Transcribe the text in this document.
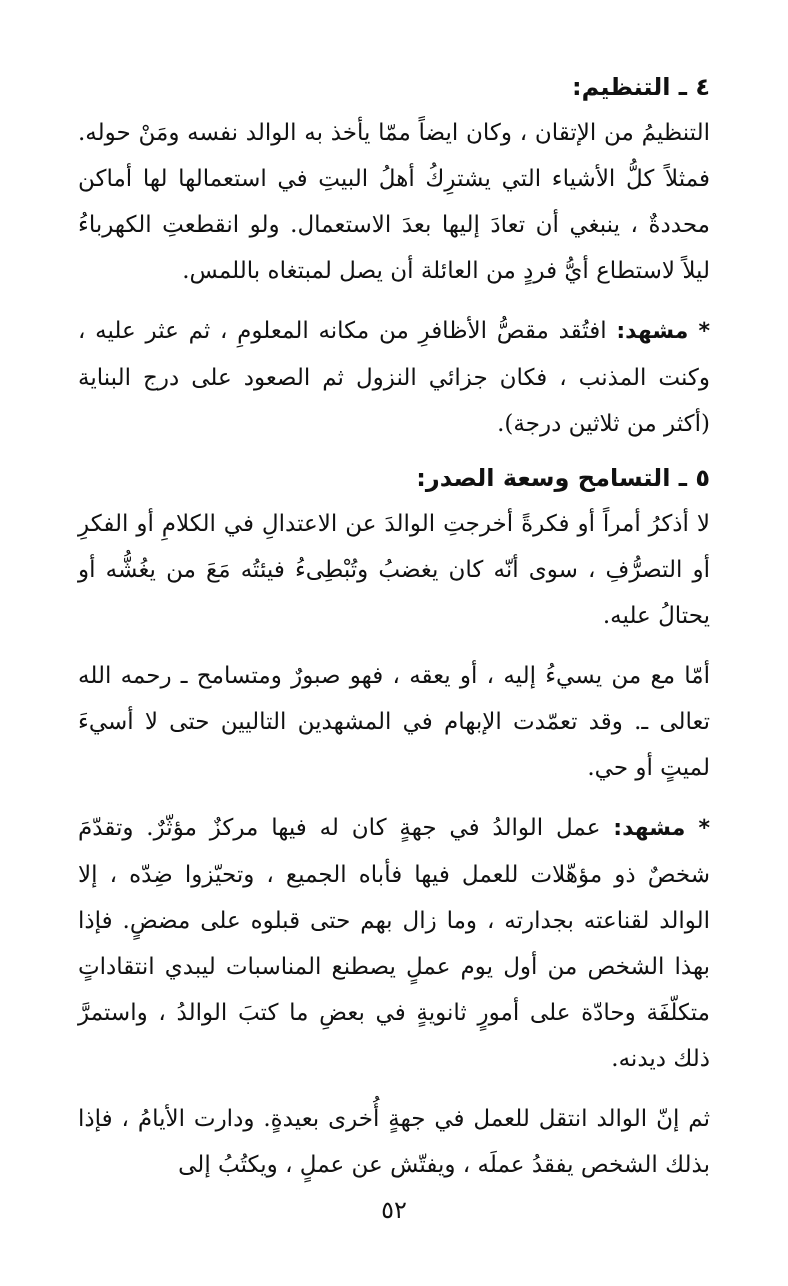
٤ ـ التنظيم:

التنظيمُ من الإتقان ، وكان ايضاً ممّا يأخذ به الوالد نفسه ومَنْ حوله. فمثلاً كلُّ الأشياء التي يشترِكُ أهلُ البيتِ في استعمالها لها أماكن محددةٌ ، ينبغي أن تعادَ إليها بعدَ الاستعمال. ولو انقطعتِ الكهرباءُ ليلاً لاستطاع أيُّ فردٍ من العائلة أن يصل لمبتغاه باللمس.

* مشهد: افتُقد مقصُّ الأظافرِ من مكانه المعلومِ ، ثم عثر عليه ، وكنت المذنب ، فكان جزائي النزول ثم الصعود على درج البناية (أكثر من ثلاثين درجة).

٥ ـ التسامح وسعة الصدر:

لا أذكرُ أمراً أو فكرةً أخرجتِ الوالدَ عن الاعتدالِ في الكلامِ أو الفكرِ أو التصرُّفِ ، سوى أنّه كان يغضبُ وتُبْطِىءُ فيئتُه مَعَ من يغُشُّه أو يحتالُ عليه.

أمّا مع من يسيءُ إليه ، أو يعقه ، فهو صبورٌ ومتسامح ـ رحمه الله تعالى ـ. وقد تعمّدت الإبهام في المشهدين التاليين حتى لا أسيءَ لميتٍ أو حي.

* مشهد: عمل الوالدُ في جهةٍ كان له فيها مركزٌ مؤثّرٌ. وتقدّمَ شخصٌ ذو مؤهّلات للعمل فيها فأباه الجميع ، وتحيّزوا ضِدّه ، إلا الوالد لقناعته بجدارته ، وما زال بهم حتى قبلوه على مضضٍ. فإذا بهذا الشخص من أول يوم عملٍ يصطنع المناسبات ليبدي انتقاداتٍ متكلّفَة وحادّة على أمورٍ ثانويةٍ في بعضِ ما كتبَ الوالدُ ، واستمرَّ ذلك ديدنه.

ثم إنّ الوالد انتقل للعمل في جهةٍ أُخرى بعيدةٍ. ودارت الأيامُ ، فإذا بذلك الشخص يفقدُ عملَه ، ويفتّش عن عملٍ ، ويكتُبُ إلى

٥٢
